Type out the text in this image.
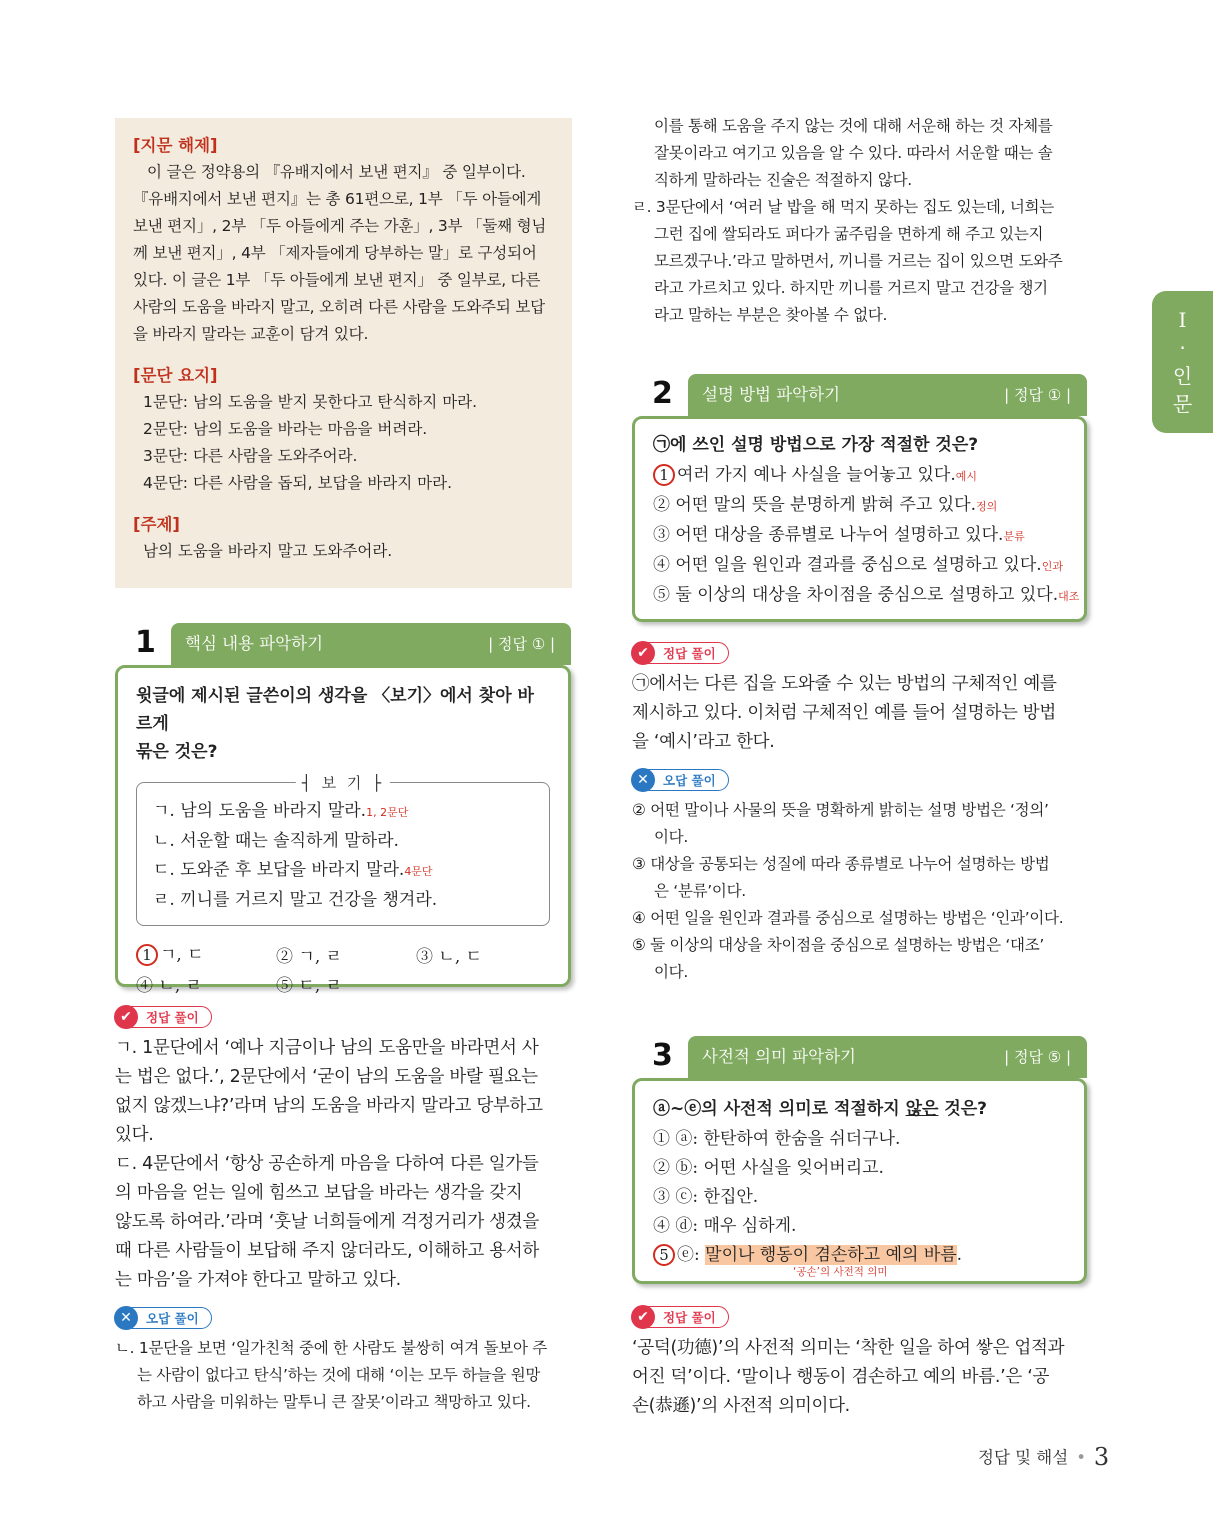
I
·
인
문
[지문 해제]
이 글은 정약용의 『유배지에서 보낸 편지』 중 일부이다. 『유배지에서 보낸 편지』는 총 61편으로, 1부 「두 아들에게 보낸 편지」, 2부 「두 아들에게 주는 가훈」, 3부 「둘째 형님께 보낸 편지」, 4부 「제자들에게 당부하는 말」로 구성되어 있다. 이 글은 1부 「두 아들에게 보낸 편지」 중 일부로, 다른 사람의 도움을 바라지 말고, 오히려 다른 사람을 도와주되 보답을 바라지 말라는 교훈이 담겨 있다.
[문단 요지]
1문단: 남의 도움을 받지 못한다고 탄식하지 마라.
2문단: 남의 도움을 바라는 마음을 버려라.
3문단: 다른 사람을 도와주어라.
4문단: 다른 사람을 돕되, 보답을 바라지 마라.
[주제]
남의 도움을 바라지 말고 도와주어라.
1	핵심 내용 파악하기	| 정답 ① |
윗글에 제시된 글쓴이의 생각을 〈보기〉에서 찾아 바르게
묶은 것은?
┤ 보 기 ├
ㄱ. 남의 도움을 바라지 말라.1, 2문단
ㄴ. 서운할 때는 솔직하게 말하라.
ㄷ. 도와준 후 보답을 바라지 말라.4문단
ㄹ. 끼니를 거르지 말고 건강을 챙겨라.
1 ㄱ, ㄷ	② ㄱ, ㄹ	③ ㄴ, ㄷ
④ ㄴ, ㄹ	⑤ ㄷ, ㄹ
✔	정답 풀이
ㄱ. 1문단에서 ‘예나 지금이나 남의 도움만을 바라면서 사
는 법은 없다.’, 2문단에서 ‘굳이 남의 도움을 바랄 필요는
없지 않겠느냐?’라며 남의 도움을 바라지 말라고 당부하고
있다.
ㄷ. 4문단에서 ‘항상 공손하게 마음을 다하여 다른 일가들
의 마음을 얻는 일에 힘쓰고 보답을 바라는 생각을 갖지
않도록 하여라.’라며 ‘훗날 너희들에게 걱정거리가 생겼을
때 다른 사람들이 보답해 주지 않더라도, 이해하고 용서하
는 마음’을 가져야 한다고 말하고 있다.
✕	오답 풀이
ㄴ. 1문단을 보면 ‘일가친척 중에 한 사람도 불쌍히 여겨 돌보아 주
는 사람이 없다고 탄식’하는 것에 대해 ‘이는 모두 하늘을 원망
하고 사람을 미워하는 말투니 큰 잘못’이라고 책망하고 있다.
이를 통해 도움을 주지 않는 것에 대해 서운해 하는 것 자체를
잘못이라고 여기고 있음을 알 수 있다. 따라서 서운할 때는 솔
직하게 말하라는 진술은 적절하지 않다.
ㄹ. 3문단에서 ‘여러 날 밥을 해 먹지 못하는 집도 있는데, 너희는
그런 집에 쌀되라도 퍼다가 굶주림을 면하게 해 주고 있는지
모르겠구나.’라고 말하면서, 끼니를 거르는 집이 있으면 도와주
라고 가르치고 있다. 하지만 끼니를 거르지 말고 건강을 챙기
라고 말하는 부분은 찾아볼 수 없다.
2	설명 방법 파악하기	| 정답 ① |
㉠에 쓰인 설명 방법으로 가장 적절한 것은?
1 여러 가지 예나 사실을 늘어놓고 있다.예시
② 어떤 말의 뜻을 분명하게 밝혀 주고 있다.정의
③ 어떤 대상을 종류별로 나누어 설명하고 있다.분류
④ 어떤 일을 원인과 결과를 중심으로 설명하고 있다.인과
⑤ 둘 이상의 대상을 차이점을 중심으로 설명하고 있다.대조
✔	정답 풀이
㉠에서는 다른 집을 도와줄 수 있는 방법의 구체적인 예를
제시하고 있다. 이처럼 구체적인 예를 들어 설명하는 방법
을 ‘예시’라고 한다.
✕	오답 풀이
② 어떤 말이나 사물의 뜻을 명확하게 밝히는 설명 방법은 ‘정의’
이다.
③ 대상을 공통되는 성질에 따라 종류별로 나누어 설명하는 방법
은 ‘분류’이다.
④ 어떤 일을 원인과 결과를 중심으로 설명하는 방법은 ‘인과’이다.
⑤ 둘 이상의 대상을 차이점을 중심으로 설명하는 방법은 ‘대조’
이다.
3	사전적 의미 파악하기	| 정답 ⑤ |
ⓐ∼ⓔ의 사전적 의미로 적절하지 않은 것은?
① ⓐ: 한탄하여 한숨을 쉬더구나.
② ⓑ: 어떤 사실을 잊어버리고.
③ ⓒ: 한집안.
④ ⓓ: 매우 심하게.
5 ⓔ: 말이나 행동이 겸손하고 예의 바름.
‘공손’의 사전적 의미
✔	정답 풀이
‘공덕(功德)’의 사전적 의미는 ‘착한 일을 하여 쌓은 업적과
어진 덕’이다. ‘말이나 행동이 겸손하고 예의 바름.’은 ‘공
손(恭遜)’의 사전적 의미이다.
정답 및 해설 • 3
